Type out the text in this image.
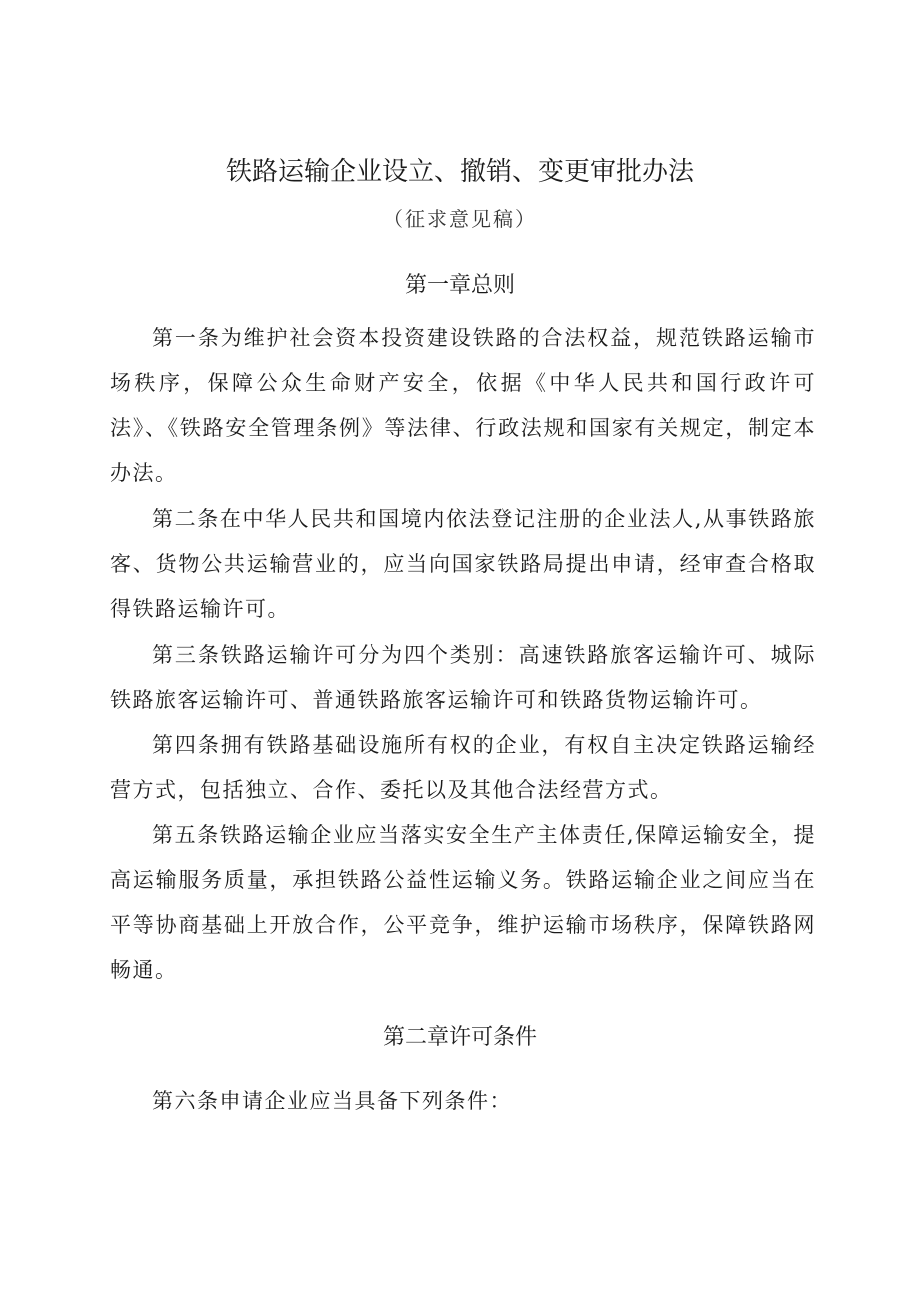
铁路运输企业设立、撤销、变更审批办法
（征求意见稿）
第一章总则

第一条为维护社会资本投资建设铁路的合法权益，规范铁路运输市场秩序，保障公众生命财产安全，依据《中华人民共和国行政许可法》、《铁路安全管理条例》等法律、行政法规和国家有关规定，制定本办法。

第二条在中华人民共和国境内依法登记注册的企业法人,从事铁路旅客、货物公共运输营业的，应当向国家铁路局提出申请，经审查合格取得铁路运输许可。

第三条铁路运输许可分为四个类别：高速铁路旅客运输许可、城际铁路旅客运输许可、普通铁路旅客运输许可和铁路货物运输许可。

第四条拥有铁路基础设施所有权的企业，有权自主决定铁路运输经营方式，包括独立、合作、委托以及其他合法经营方式。

第五条铁路运输企业应当落实安全生产主体责任,保障运输安全，提高运输服务质量，承担铁路公益性运输义务。铁路运输企业之间应当在平等协商基础上开放合作，公平竞争，维护运输市场秩序，保障铁路网畅通。

第二章许可条件

第六条申请企业应当具备下列条件：
